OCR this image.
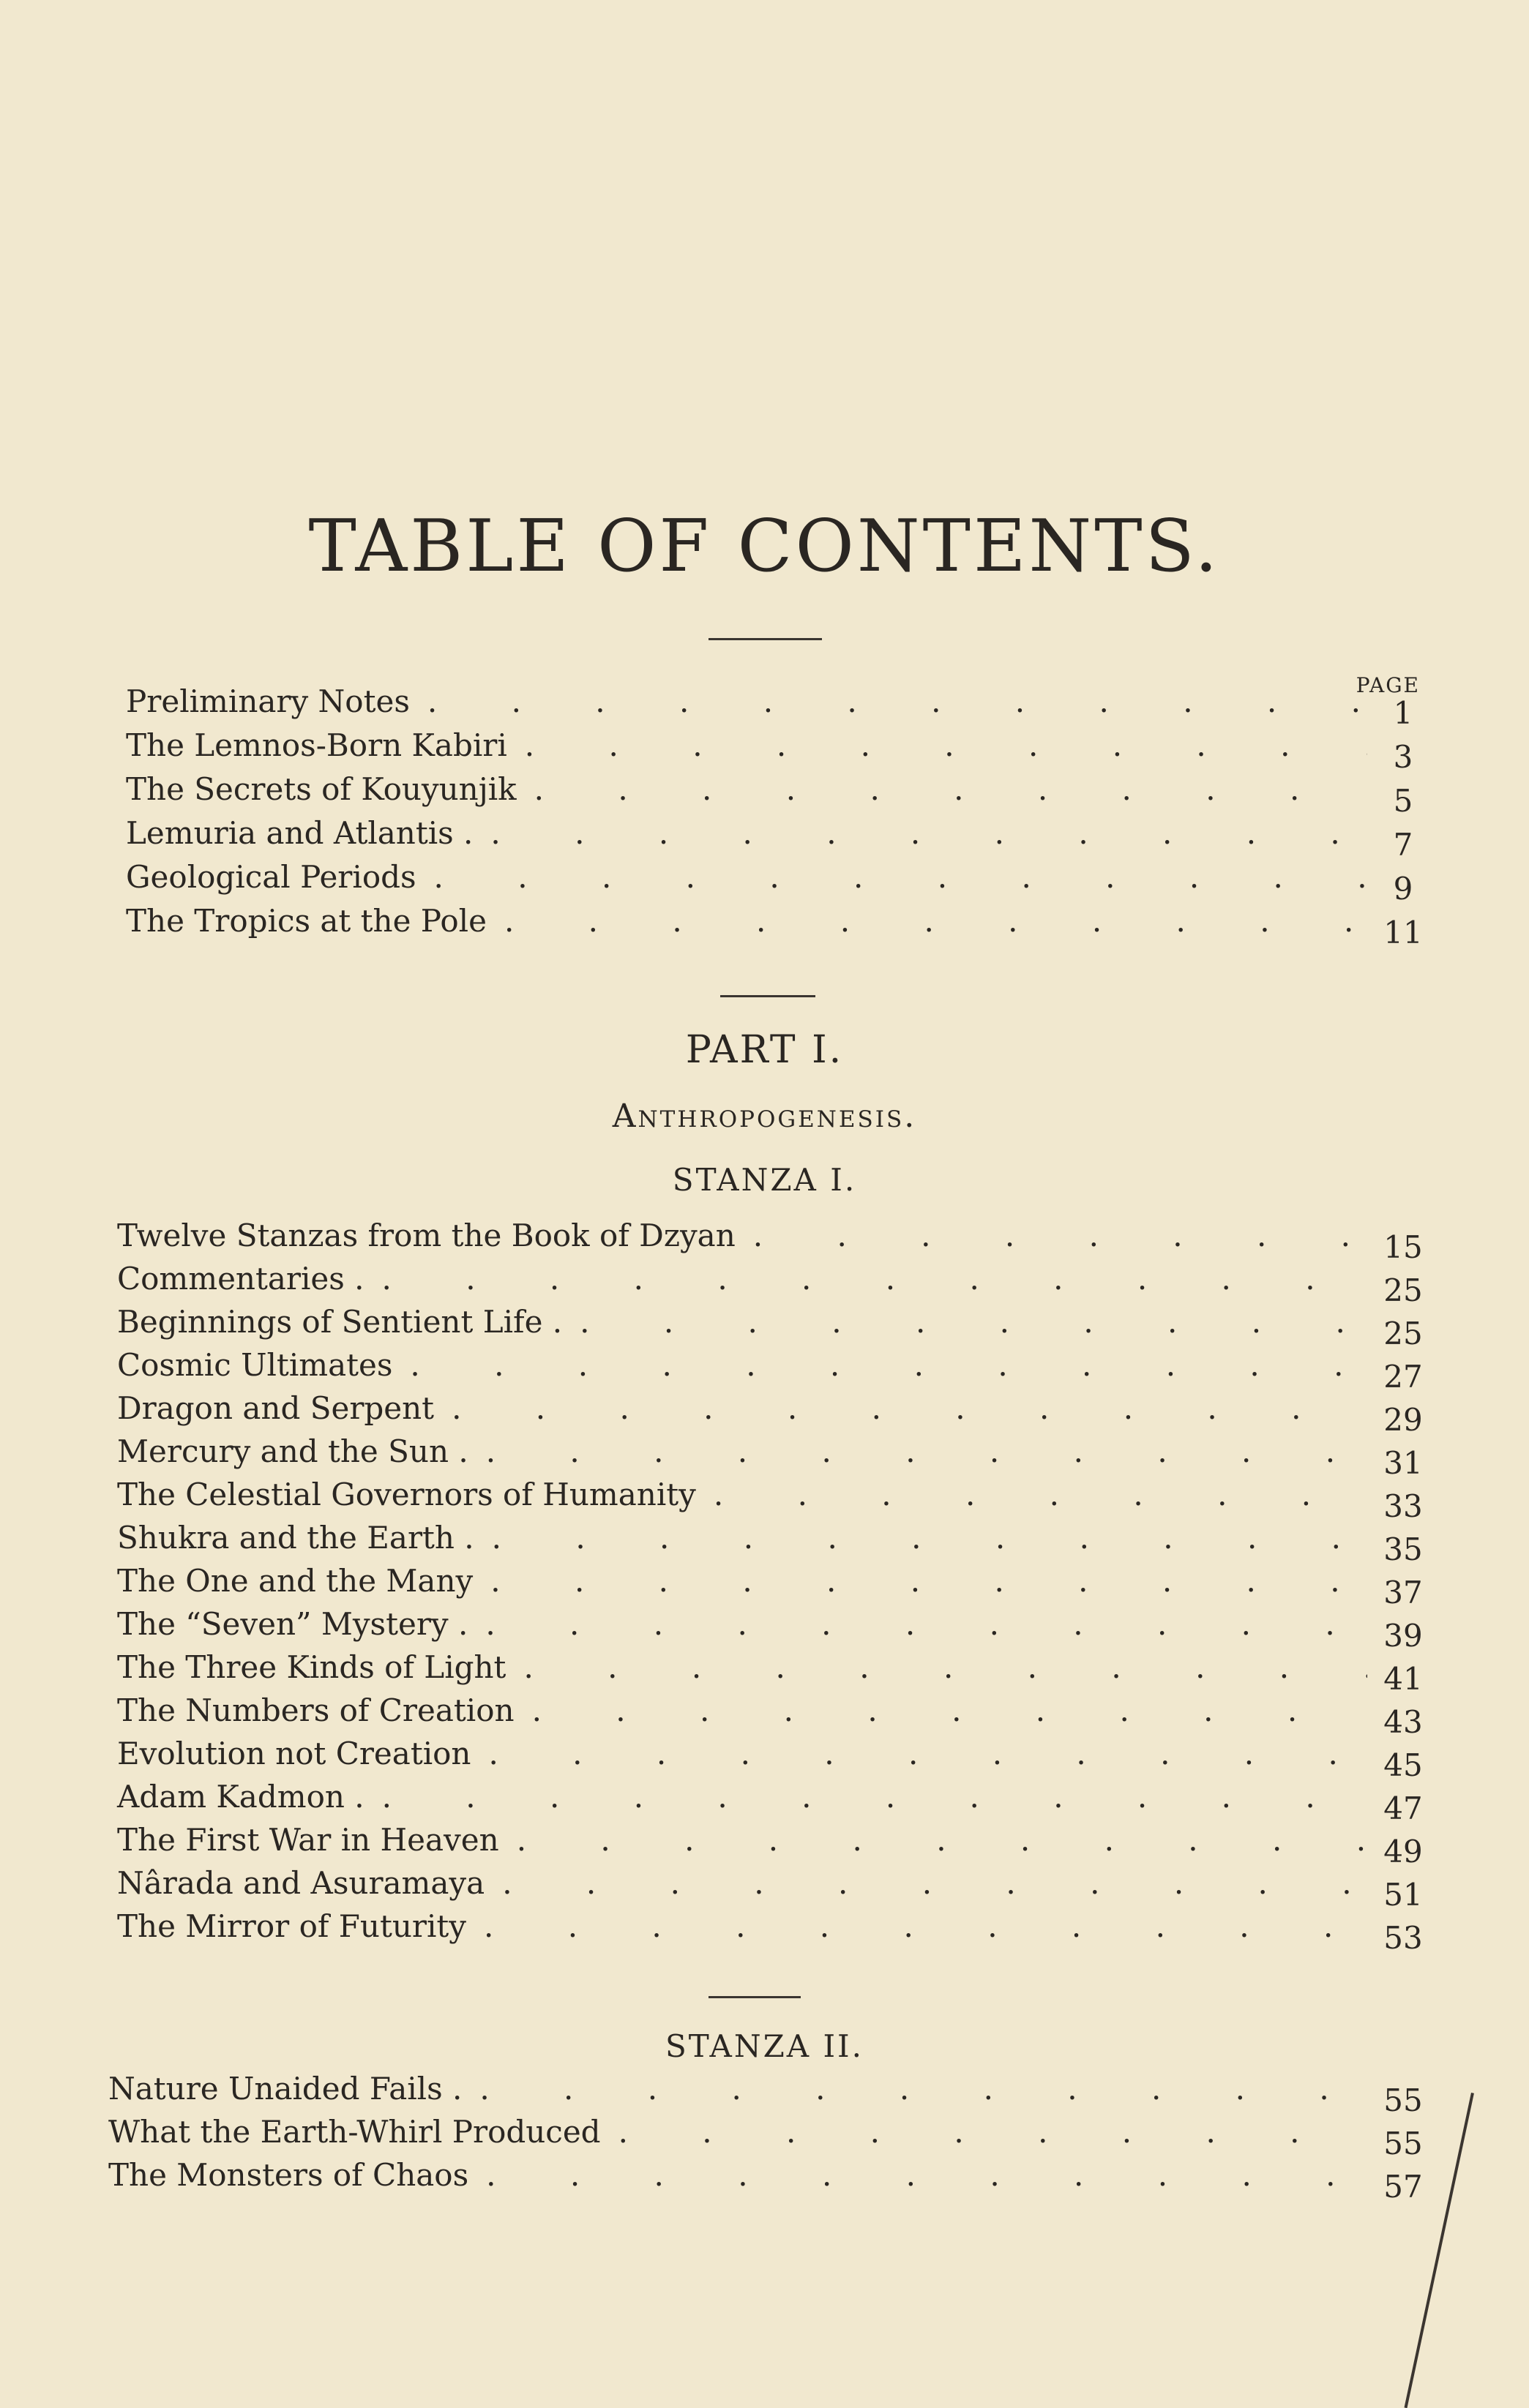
TABLE OF CONTENTS.
PAGE
Preliminary Notes . . .	1
The Lemnos-Born Kabiri . . .	3
The Secrets of Kouyunjik . . .	5
Lemuria and Atlantis . . . .	7
Geological Periods . . .	9
The Tropics at the Pole . . .	11
PART I.
Anthropogenesis.
STANZA I.
Twelve Stanzas from the Book of Dzyan . . .	15
Commentaries . . . .	25
Beginnings of Sentient Life . . . .	25
Cosmic Ultimates . . .	27
Dragon and Serpent . . .	29
Mercury and the Sun . . . .	31
The Celestial Governors of Humanity . . .	33
Shukra and the Earth . . . .	35
The One and the Many . . .	37
The “Seven” Mystery . . . .	39
The Three Kinds of Light . . .	41
The Numbers of Creation . . .	43
Evolution not Creation . . .	45
Adam Kadmon . . . .	47
The First War in Heaven . . .	49
Nârada and Asuramaya . . .	51
The Mirror of Futurity . . .	53
STANZA II.
Nature Unaided Fails . . . .	55
What the Earth-Whirl Produced . . .	55
The Monsters of Chaos . . .	57
